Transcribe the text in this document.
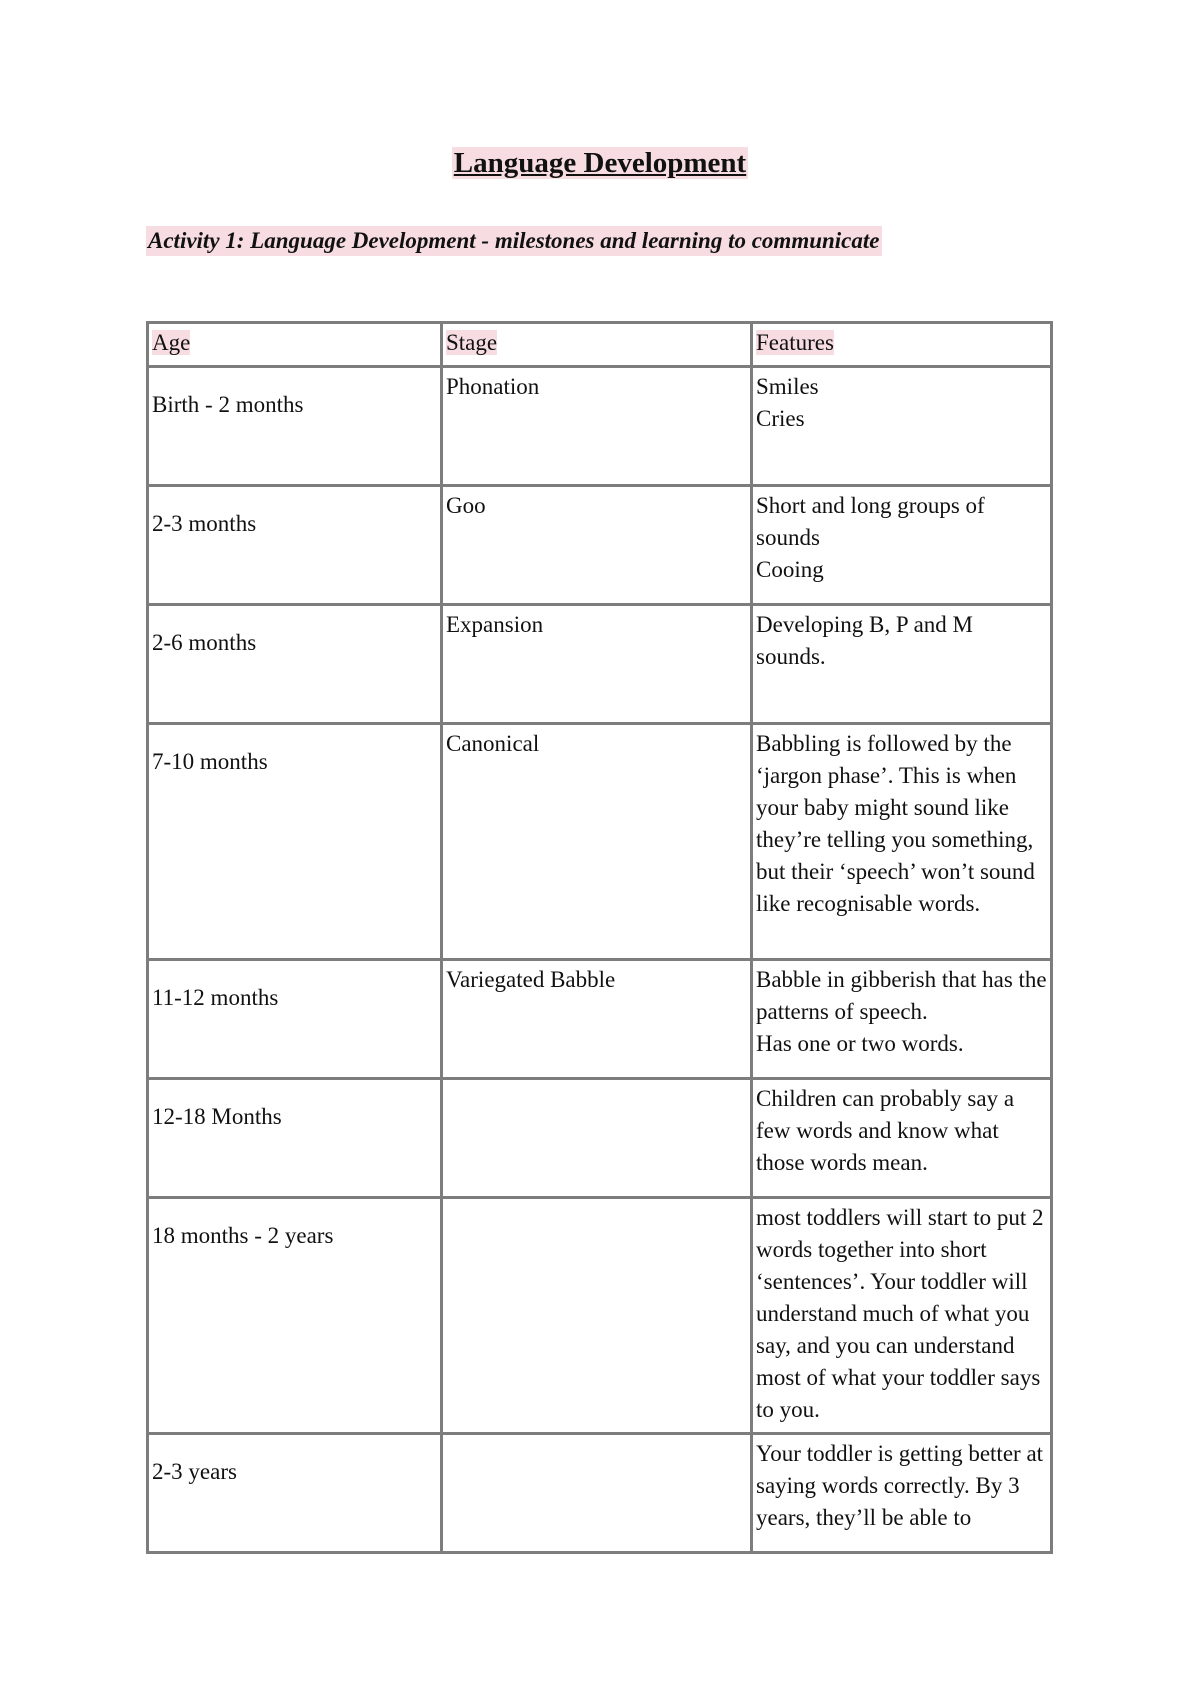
Language Development
Activity 1: Language Development - milestones and learning to communicate
Age	Stage	Features

Birth - 2 months	Phonation	Smiles
Cries

2-3 months	Goo	Short and long groups of sounds
Cooing

2-6 months	Expansion	Developing B, P and M sounds.

7-10 months	Canonical	Babbling is followed by the ‘jargon phase’. This is when your baby might sound like they’re telling you something, but their ‘speech’ won’t sound like recognisable words.

11-12 months	Variegated Babble	Babble in gibberish that has the patterns of speech.
Has one or two words.

12-18 Months		Children can probably say a few words and know what those words mean.

18 months - 2 years		most toddlers will start to put 2 words together into short ‘sentences’. Your toddler will understand much of what you say, and you can understand most of what your toddler says to you.

2-3 years		Your toddler is getting better at saying words correctly. By 3 years, they’ll be able to
